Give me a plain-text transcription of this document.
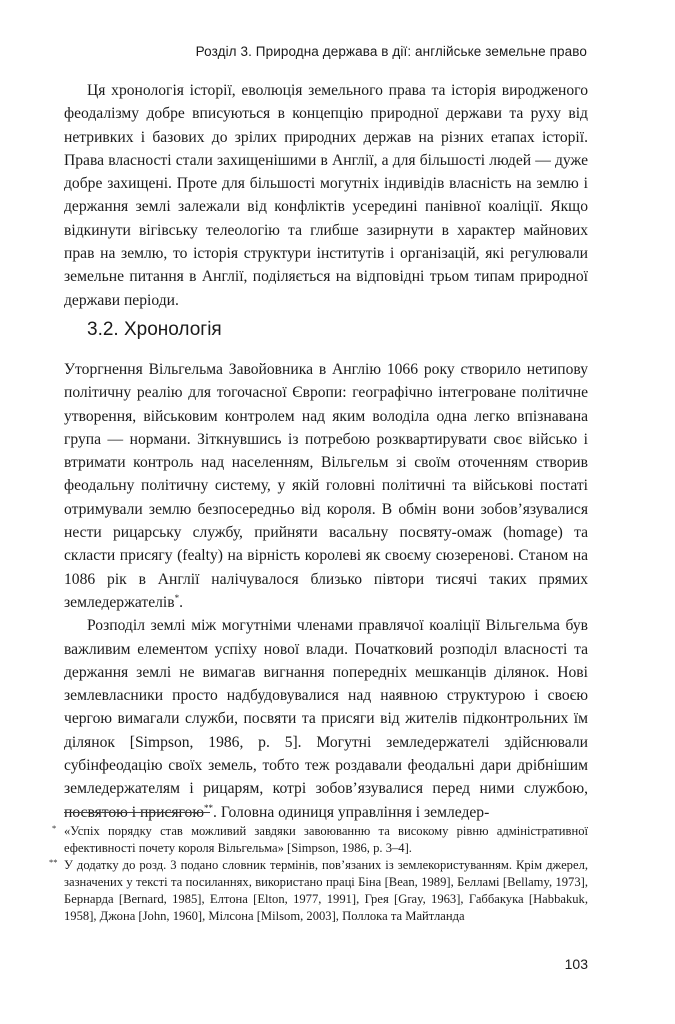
Розділ 3. Природна держава в дії: англійське земельне право

Ця хронологія історії, еволюція земельного права та історія виродженого феодалізму добре вписуються в концепцію природної держави та руху від нетривких і базових до зрілих природних держав на різних етапах історії. Права власності стали захищенішими в Англії, а для більшості людей — дуже добре захищені. Проте для більшості могутніх індивідів власність на землю і держання землі залежали від конфліктів усередині панівної коаліції. Якщо відкинути вігівську телеологію та глибше зазирнути в характер майнових прав на землю, то історія структури інститутів і організацій, які регулювали земельне питання в Англії, поділяється на відповідні трьом типам природної держави періоди.

3.2. Хронологія

Уторгнення Вільгельма Завойовника в Англію 1066 року створило нетипову політичну реалію для тогочасної Європи: географічно інтегроване політичне утворення, військовим контролем над яким володіла одна легко впізнавана група — нормани. Зіткнувшись із потребою розквартирувати своє військо і втримати контроль над населенням, Вільгельм зі своїм оточенням створив феодальну політичну систему, у якій головні політичні та військові постаті отримували землю безпосередньо від короля. В обмін вони зобов’язувалися нести рицарську службу, прийняти васальну посвяту-омаж (homage) та скласти присягу (fealty) на вірність королеві як своєму сюзеренові. Станом на 1086 рік в Англії налічувалося близько півтори тисячі таких прямих земледержателів*.

Розподіл землі між могутніми членами правлячої коаліції Вільгельма був важливим елементом успіху нової влади. Початковий розподіл власності та держання землі не вимагав вигнання попередніх мешканців ділянок. Нові землевласники просто надбудовувалися над наявною структурою і своєю чергою вимагали служби, посвяти та присяги від жителів підконтрольних їм ділянок [Simpson, 1986, p. 5]. Могутні земледержателі здійснювали субінфеодацію своїх земель, тобто теж роздавали феодальні дари дрібнішим земледержателям і рицарям, котрі зобов’язувалися перед ними службою, посвятою і присягою**. Головна одиниця управління і земледер-

* «Успіх порядку став можливий завдяки завоюванню та високому рівню адміністративної ефективності почету короля Вільгельма» [Simpson, 1986, p. 3–4].
** У додатку до розд. 3 подано словник термінів, пов’язаних із землекористуванням. Крім джерел, зазначених у тексті та посиланнях, використано праці Біна [Bean, 1989], Белламі [Bellamy, 1973], Бернарда [Bernard, 1985], Елтона [Elton, 1977, 1991], Грея [Gray, 1963], Габбакука [Habbakuk, 1958], Джона [John, 1960], Мілсона [Milsom, 2003], Поллока та Майтланда
103
